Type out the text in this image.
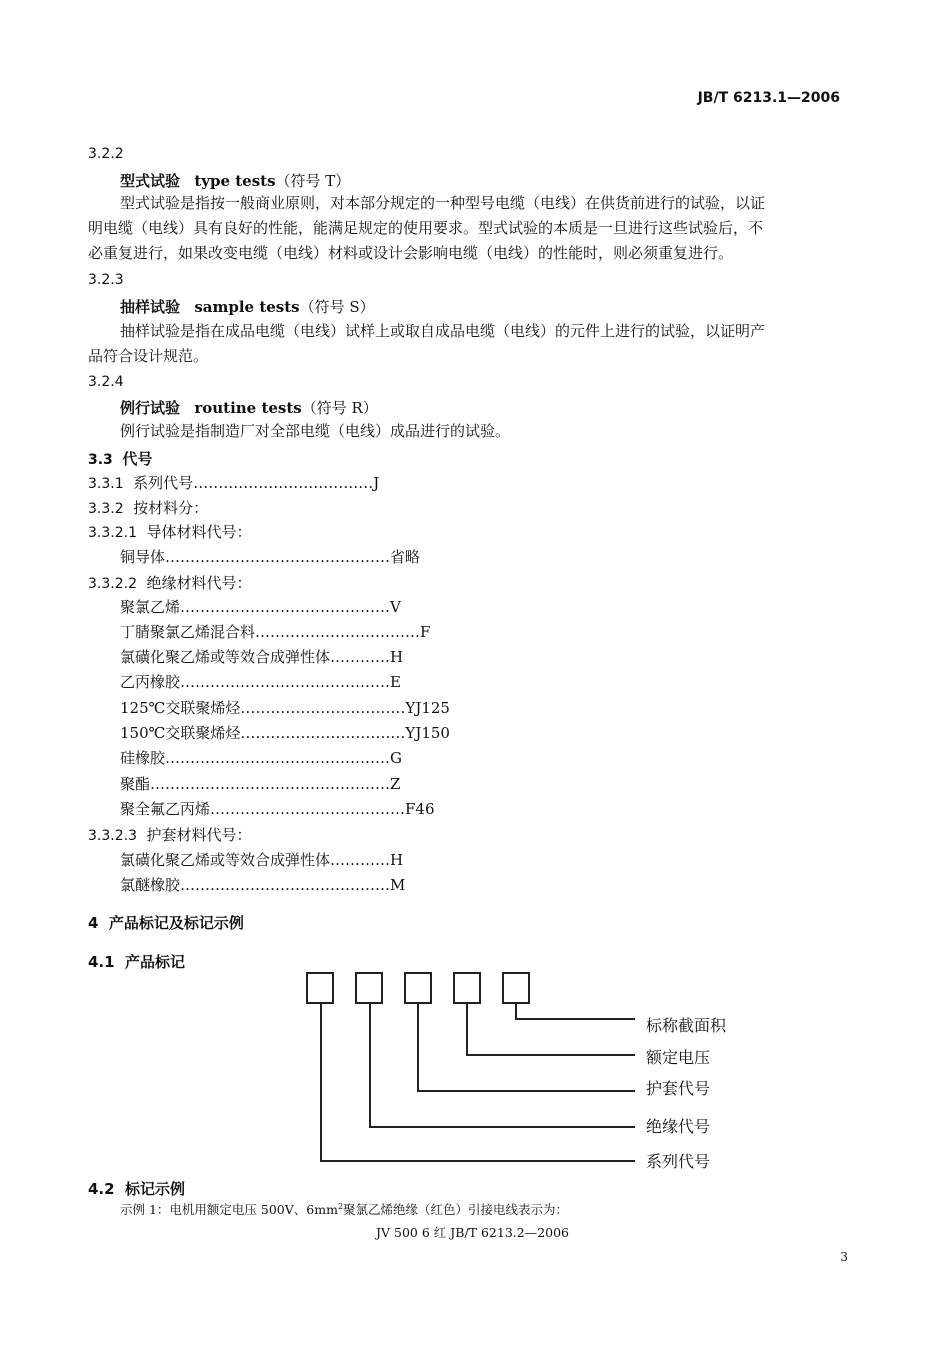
JB/T 6213.1—2006
3.2.2
型式试验 type tests（符号 T）
型式试验是指按一般商业原则，对本部分规定的一种型号电缆（电线）在供货前进行的试验，以证
明电缆（电线）具有良好的性能，能满足规定的使用要求。型式试验的本质是一旦进行这些试验后，不
必重复进行，如果改变电缆（电线）材料或设计会影响电缆（电线）的性能时，则必须重复进行。
3.2.3
抽样试验 sample tests（符号 S）
抽样试验是指在成品电缆（电线）试样上或取自成品电缆（电线）的元件上进行的试验，以证明产
品符合设计规范。
3.2.4
例行试验 routine tests（符号 R）
例行试验是指制造厂对全部电缆（电线）成品进行的试验。
3.3 代号
3.3.1 系列代号………………………………J
3.3.2 按材料分：
3.3.2.1 导体材料代号：
铜导体………………………………………省略
3.3.2.2 绝缘材料代号：
聚氯乙烯……………………………………V
丁腈聚氯乙烯混合料……………………………F
氯磺化聚乙烯或等效合成弹性体…………H
乙丙橡胶……………………………………E
125℃交联聚烯烃……………………………YJ125
150℃交联聚烯烃……………………………YJ150
硅橡胶………………………………………G
聚酯…………………………………………Z
聚全氟乙丙烯…………………………………F46
3.3.2.3 护套材料代号：
氯磺化聚乙烯或等效合成弹性体…………H
氯醚橡胶……………………………………M
4 产品标记及标记示例
4.1 产品标记
标称截面积
额定电压
护套代号
绝缘代号
系列代号
4.2 标记示例
示例 1：电机用额定电压 500V、$6mm^2$聚氯乙烯绝缘（红色）引接电线表示为：
JV 500 6 红 JB/T 6213.2—2006
3
